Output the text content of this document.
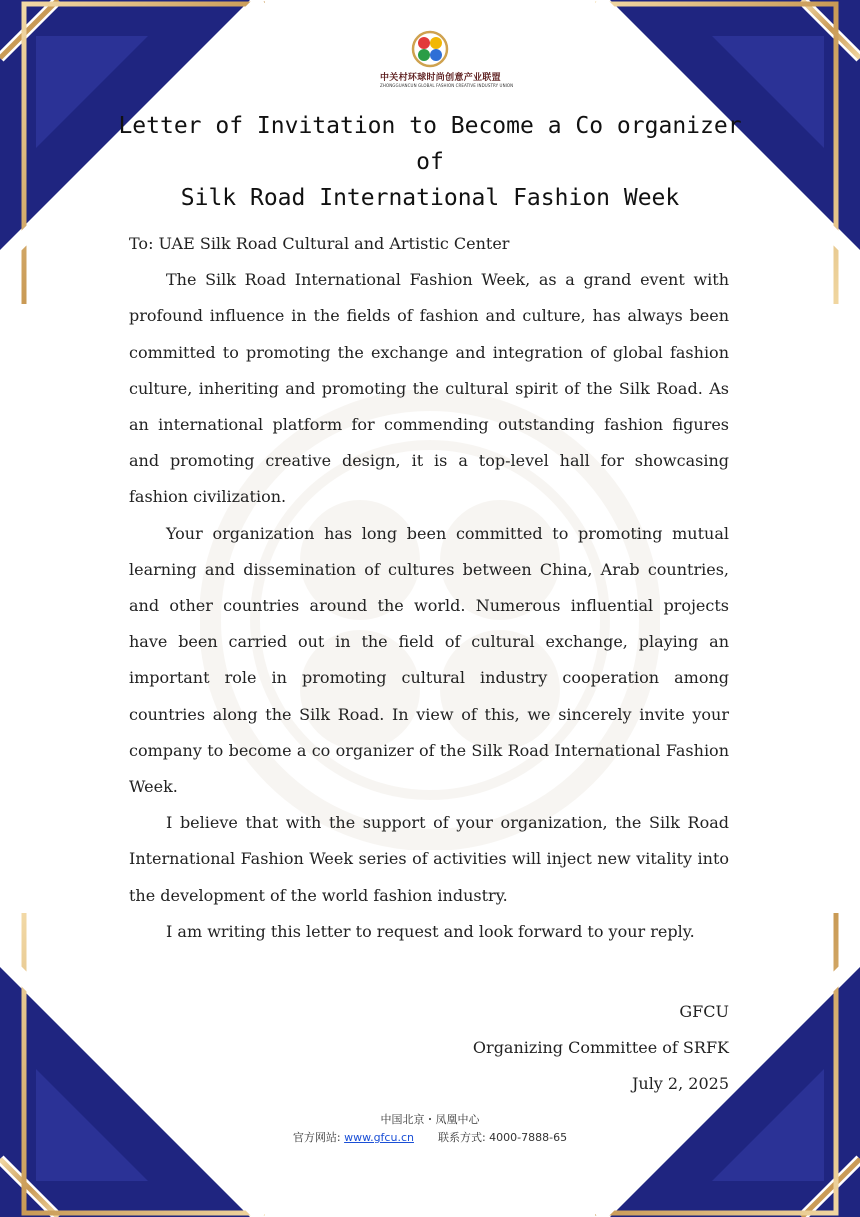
中关村环球时尚创意产业联盟
ZHONGGUANCUN GLOBAL FASHION CREATIVE INDUSTRY UNION
Letter of Invitation to Become a Co organizer of
Silk Road International Fashion Week

To: UAE Silk Road Cultural and Artistic Center

The Silk Road International Fashion Week, as a grand event with profound influence in the fields of fashion and culture, has always been committed to promoting the exchange and integration of global fashion culture, inheriting and promoting the cultural spirit of the Silk Road. As an international platform for commending outstanding fashion figures and promoting creative design, it is a top-level hall for showcasing fashion civilization.

Your organization has long been committed to promoting mutual learning and dissemination of cultures between China, Arab countries, and other countries around the world. Numerous influential projects have been carried out in the field of cultural exchange, playing an important role in promoting cultural industry cooperation among countries along the Silk Road. In view of this, we sincerely invite your company to become a co organizer of the Silk Road International Fashion Week.

I believe that with the support of your organization, the Silk Road International Fashion Week series of activities will inject new vitality into the development of the world fashion industry.

I am writing this letter to request and look forward to your reply.

GFCU
Organizing Committee of SRFK
July 2, 2025
中国北京・凤凰中心
官方网站: www.gfcu.cn 联系方式: 4000-7888-65
